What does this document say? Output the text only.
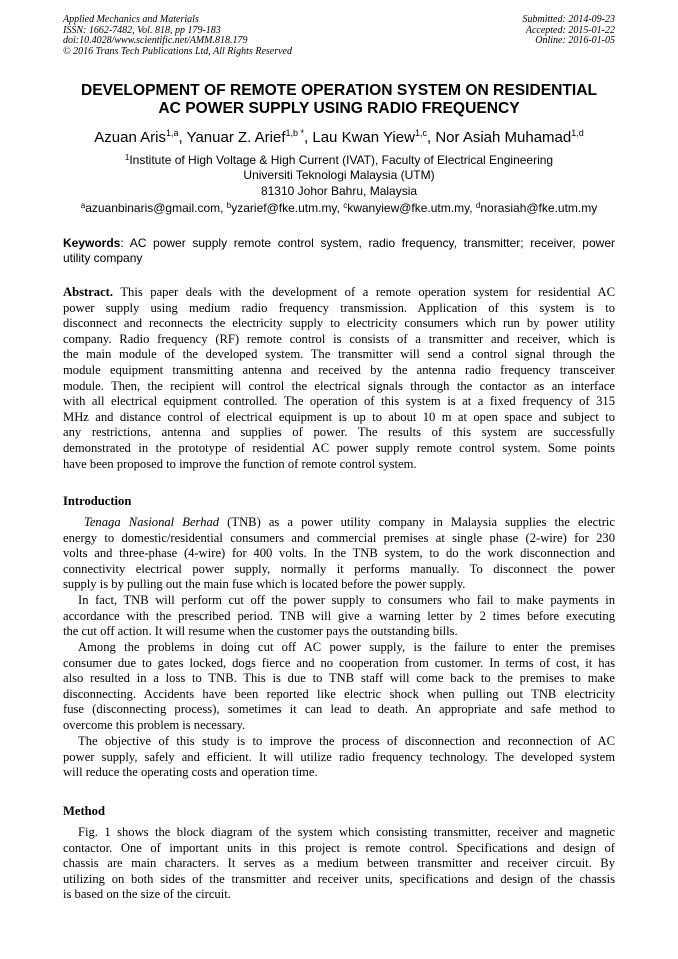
Applied Mechanics and Materials
ISSN: 1662-7482, Vol. 818, pp 179-183
doi:10.4028/www.scientific.net/AMM.818.179
© 2016 Trans Tech Publications Ltd, All Rights Reserved
Submitted: 2014-09-23
Accepted: 2015-01-22
Online: 2016-01-05
DEVELOPMENT OF REMOTE OPERATION SYSTEM ON RESIDENTIAL
AC POWER SUPPLY USING RADIO FREQUENCY
Azuan Aris$^{1,a}$, Yanuar Z. Arief$^{1,b *}$, Lau Kwan Yiew$^{1,c}$, Nor Asiah Muhamad$^{1,d}$
$^1$Institute of High Voltage & High Current (IVAT), Faculty of Electrical Engineering
Universiti Teknologi Malaysia (UTM)
81310 Johor Bahru, Malaysia
$^a$azuanbinaris@gmail.com, $^b$yzarief@fke.utm.my, $^c$kwanyiew@fke.utm.my, $^d$norasiah@fke.utm.my
Keywords: AC power supply remote control system, radio frequency, transmitter; receiver, power
utility company
Abstract. This paper deals with the development of a remote operation system for residential AC
power supply using medium radio frequency transmission. Application of this system is to
disconnect and reconnects the electricity supply to electricity consumers which run by power utility
company. Radio frequency (RF) remote control is consists of a transmitter and receiver, which is
the main module of the developed system. The transmitter will send a control signal through the
module equipment transmitting antenna and received by the antenna radio frequency transceiver
module. Then, the recipient will control the electrical signals through the contactor as an interface
with all electrical equipment controlled. The operation of this system is at a fixed frequency of 315
MHz and distance control of electrical equipment is up to about 10 m at open space and subject to
any restrictions, antenna and supplies of power. The results of this system are successfully
demonstrated in the prototype of residential AC power supply remote control system. Some points
have been proposed to improve the function of remote control system.
Introduction
Tenaga Nasional Berhad (TNB) as a power utility company in Malaysia supplies the electric
energy to domestic/residential consumers and commercial premises at single phase (2-wire) for 230
volts and three-phase (4-wire) for 400 volts. In the TNB system, to do the work disconnection and
connectivity electrical power supply, normally it performs manually. To disconnect the power
supply is by pulling out the main fuse which is located before the power supply.
In fact, TNB will perform cut off the power supply to consumers who fail to make payments in
accordance with the prescribed period. TNB will give a warning letter by 2 times before executing
the cut off action. It will resume when the customer pays the outstanding bills.
Among the problems in doing cut off AC power supply, is the failure to enter the premises
consumer due to gates locked, dogs fierce and no cooperation from customer. In terms of cost, it has
also resulted in a loss to TNB. This is due to TNB staff will come back to the premises to make
disconnecting. Accidents have been reported like electric shock when pulling out TNB electricity
fuse (disconnecting process), sometimes it can lead to death. An appropriate and safe method to
overcome this problem is necessary.
The objective of this study is to improve the process of disconnection and reconnection of AC
power supply, safely and efficient. It will utilize radio frequency technology. The developed system
will reduce the operating costs and operation time.
Method
Fig. 1 shows the block diagram of the system which consisting transmitter, receiver and magnetic
contactor. One of important units in this project is remote control. Specifications and design of
chassis are main characters. It serves as a medium between transmitter and receiver circuit. By
utilizing on both sides of the transmitter and receiver units, specifications and design of the chassis
is based on the size of the circuit.
